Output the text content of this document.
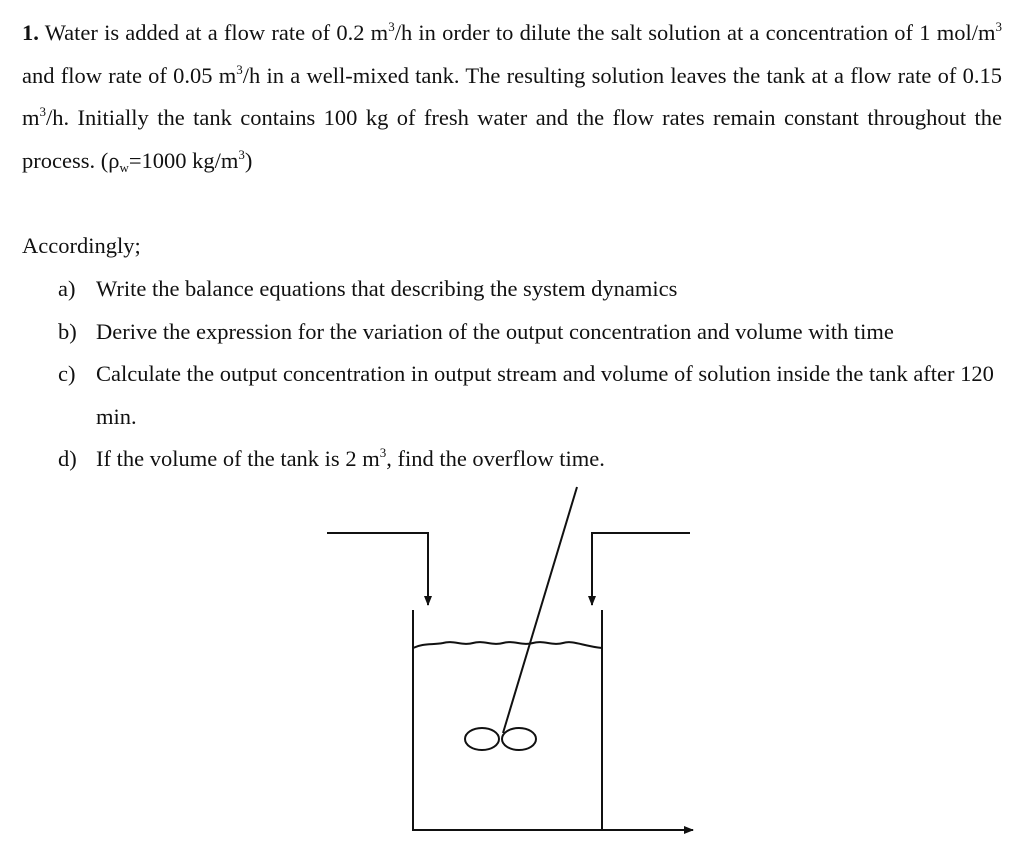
1. Water is added at a flow rate of 0.2 $m^3/h$ in order to dilute the salt solution at a concentration of 1 mol/$m^3$ and flow rate of 0.05 $m^3/h$ in a well-mixed tank. The resulting solution leaves the tank at a flow rate of 0.15 $m^3/h$. Initially the tank contains 100 kg of fresh water and the flow rates remain constant throughout the process. ($\rho_w=1000$ $kg/m^3$)
Accordingly;
a) Write the balance equations that describing the system dynamics
b) Derive the expression for the variation of the output concentration and volume with time
c) Calculate the output concentration in output stream and volume of solution inside the tank after 120 min.
d) If the volume of the tank is 2 $m^3$, find the overflow time.
